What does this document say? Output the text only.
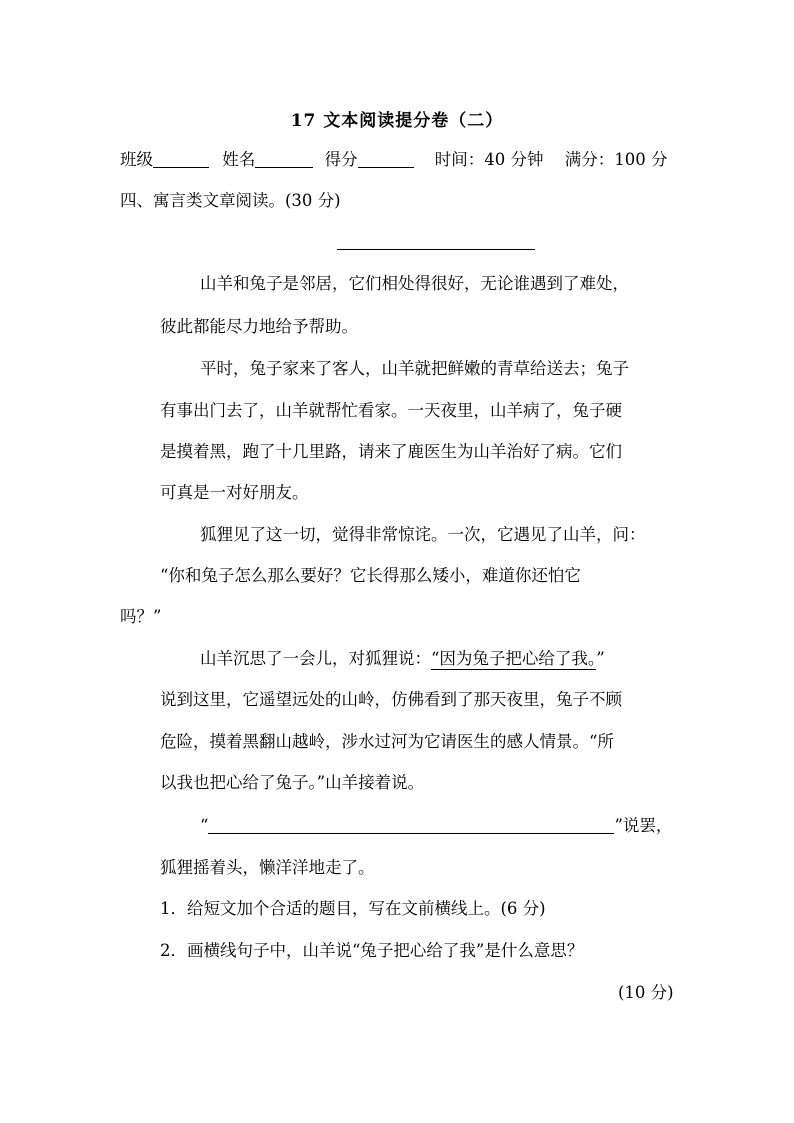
17 文本阅读提分卷（二）
班级	姓名	得分	时间：40 分钟 满分：100 分
四、寓言类文章阅读。(30 分)
山羊和兔子是邻居，它们相处得很好，无论谁遇到了难处，
彼此都能尽力地给予帮助。
平时，兔子家来了客人，山羊就把鲜嫩的青草给送去；兔子
有事出门去了，山羊就帮忙看家。一天夜里，山羊病了，兔子硬
是摸着黑，跑了十几里路，请来了鹿医生为山羊治好了病。它们
可真是一对好朋友。
狐狸见了这一切，觉得非常惊诧。一次，它遇见了山羊，问：
“你和兔子怎么那么要好？它长得那么矮小，难道你还怕它
吗？”
山羊沉思了一会儿，对狐狸说：“因为兔子把心给了我。”
说到这里，它遥望远处的山岭，仿佛看到了那天夜里，兔子不顾
危险，摸着黑翻山越岭，涉水过河为它请医生的感人情景。“所
以我也把心给了兔子。”山羊接着说。
“	”说罢，
狐狸摇着头，懒洋洋地走了。
1．给短文加个合适的题目，写在文前横线上。(6 分)
2．画横线句子中，山羊说“兔子把心给了我”是什么意思？
(10 分)
